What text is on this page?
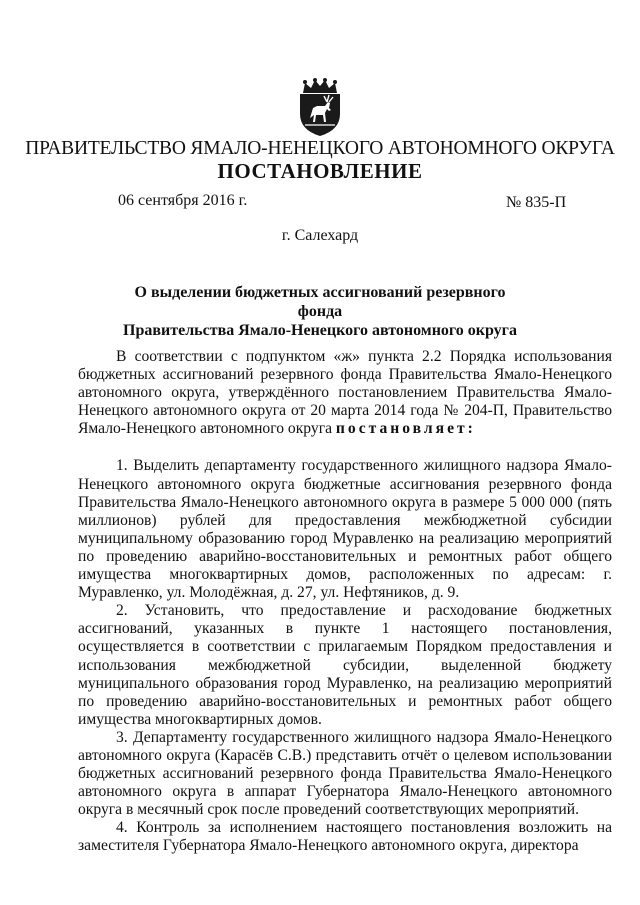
ПРАВИТЕЛЬСТВО ЯМАЛО-НЕНЕЦКОГО АВТОНОМНОГО ОКРУГА
ПОСТАНОВЛЕНИЕ
06 сентября 2016 г.	№ 835-П
г. Салехард
О выделении бюджетных ассигнований резервного фонда
Правительства Ямало-Ненецкого автономного округа

В соответствии с подпунктом «ж» пункта 2.2 Порядка использования бюджетных ассигнований резервного фонда Правительства Ямало-Ненецкого автономного округа, утверждённого постановлением Правительства Ямало-Ненецкого автономного округа от 20 марта 2014 года № 204-П, Правительство Ямало-Ненецкого автономного округа постановляет:

1. Выделить департаменту государственного жилищного надзора Ямало-Ненецкого автономного округа бюджетные ассигнования резервного фонда Правительства Ямало-Ненецкого автономного округа в размере 5 000 000 (пять миллионов) рублей для предоставления межбюджетной субсидии муниципальному образованию город Муравленко на реализацию мероприятий по проведению аварийно-восстановительных и ремонтных работ общего имущества многоквартирных домов, расположенных по адресам: г. Муравленко, ул. Молодёжная, д. 27, ул. Нефтяников, д. 9.

2. Установить, что предоставление и расходование бюджетных ассигнований, указанных в пункте 1 настоящего постановления, осуществляется в соответствии с прилагаемым Порядком предоставления и использования межбюджетной субсидии, выделенной бюджету муниципального образования город Муравленко, на реализацию мероприятий по проведению аварийно-восстановительных и ремонтных работ общего имущества многоквартирных домов.

3. Департаменту государственного жилищного надзора Ямало-Ненецкого автономного округа (Карасёв С.В.) представить отчёт о целевом использовании бюджетных ассигнований резервного фонда Правительства Ямало-Ненецкого автономного округа в аппарат Губернатора Ямало-Ненецкого автономного округа в месячный срок после проведений соответствующих мероприятий.

4. Контроль за исполнением настоящего постановления возложить на заместителя Губернатора Ямало-Ненецкого автономного округа, директора
